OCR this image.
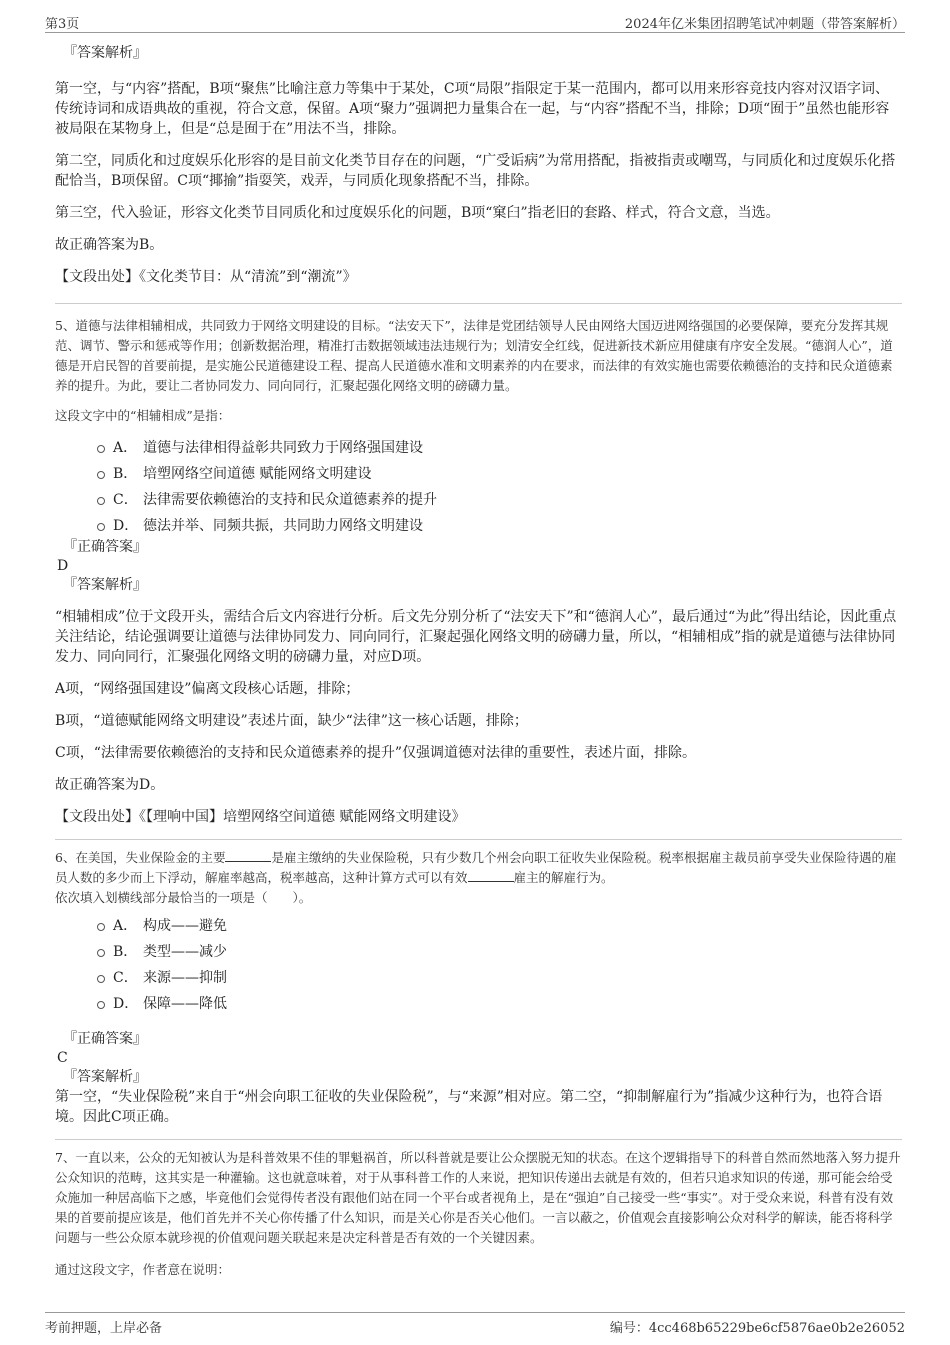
第3页	2024年亿米集团招聘笔试冲刺题（带答案解析）

『答案解析』

第一空，与“内容”搭配，B项“聚焦”比喻注意力等集中于某处，C项“局限”指限定于某一范围内，都可以用来形容竞技内容对汉语字词、传统诗词和成语典故的重视，符合文意，保留。A项“聚力”强调把力量集合在一起，与“内容”搭配不当，排除；D项“囿于”虽然也能形容被局限在某物身上，但是“总是囿于在”用法不当，排除。

第二空，同质化和过度娱乐化形容的是目前文化类节目存在的问题，“广受诟病”为常用搭配，指被指责或嘲骂，与同质化和过度娱乐化搭配恰当，B项保留。C项“揶揄”指耍笑，戏弄，与同质化现象搭配不当，排除。

第三空，代入验证，形容文化类节目同质化和过度娱乐化的问题，B项“窠臼”指老旧的套路、样式，符合文意，当选。

故正确答案为B。

【文段出处】《文化类节目：从“清流”到“潮流”》

5、道德与法律相辅相成，共同致力于网络文明建设的目标。“法安天下”，法律是党团结领导人民由网络大国迈进网络强国的必要保障，要充分发挥其规范、调节、警示和惩戒等作用；创新数据治理，精准打击数据领域违法违规行为；划清安全红线，促进新技术新应用健康有序安全发展。“德润人心”，道德是开启民智的首要前提，是实施公民道德建设工程、提高人民道德水准和文明素养的内在要求，而法律的有效实施也需要依赖德治的支持和民众道德素养的提升。为此，要让二者协同发力、同向同行，汇聚起强化网络文明的磅礴力量。

这段文字中的“相辅相成”是指：

A． 道德与法律相得益彰共同致力于网络强国建设
B． 培塑网络空间道德 赋能网络文明建设
C． 法律需要依赖德治的支持和民众道德素养的提升
D． 德法并举、同频共振，共同助力网络文明建设

『正确答案』

D

『答案解析』

“相辅相成”位于文段开头，需结合后文内容进行分析。后文先分别分析了“法安天下”和“德润人心”，最后通过“为此”得出结论，因此重点关注结论，结论强调要让道德与法律协同发力、同向同行，汇聚起强化网络文明的磅礴力量，所以，“相辅相成”指的就是道德与法律协同发力、同向同行，汇聚强化网络文明的磅礴力量，对应D项。

A项，“网络强国建设”偏离文段核心话题，排除；

B项，“道德赋能网络文明建设”表述片面，缺少“法律”这一核心话题，排除；

C项，“法律需要依赖德治的支持和民众道德素养的提升”仅强调道德对法律的重要性，表述片面，排除。

故正确答案为D。

【文段出处】《【理响中国】培塑网络空间道德 赋能网络文明建设》

6、在美国，失业保险金的主要	是雇主缴纳的失业保险税，只有少数几个州会向职工征收失业保险税。税率根据雇主裁员前享受失业保险待遇的雇员人数的多少而上下浮动，解雇率越高，税率越高，这种计算方式可以有效	雇主的解雇行为。

依次填入划横线部分最恰当的一项是（　　）。

A． 构成——避免
B． 类型——减少
C． 来源——抑制
D． 保障——降低

『正确答案』

C

『答案解析』

第一空，“失业保险税”来自于“州会向职工征收的失业保险税”，与“来源”相对应。第二空，“抑制解雇行为”指减少这种行为，也符合语境。因此C项正确。

7、一直以来，公众的无知被认为是科普效果不佳的罪魁祸首，所以科普就是要让公众摆脱无知的状态。在这个逻辑指导下的科普自然而然地落入努力提升公众知识的范畴，这其实是一种灌输。这也就意味着，对于从事科普工作的人来说，把知识传递出去就是有效的，但若只追求知识的传递，那可能会给受众施加一种居高临下之感，毕竟他们会觉得传者没有跟他们站在同一个平台或者视角上，是在“强迫”自己接受一些“事实”。对于受众来说，科普有没有效果的首要前提应该是，他们首先并不关心你传播了什么知识，而是关心你是否关心他们。一言以蔽之，价值观会直接影响公众对科学的解读，能否将科学问题与一些公众原本就珍视的价值观问题关联起来是决定科普是否有效的一个关键因素。

通过这段文字，作者意在说明：

考前押题，上岸必备	编号：4cc468b65229be6cf5876ae0b2e26052
